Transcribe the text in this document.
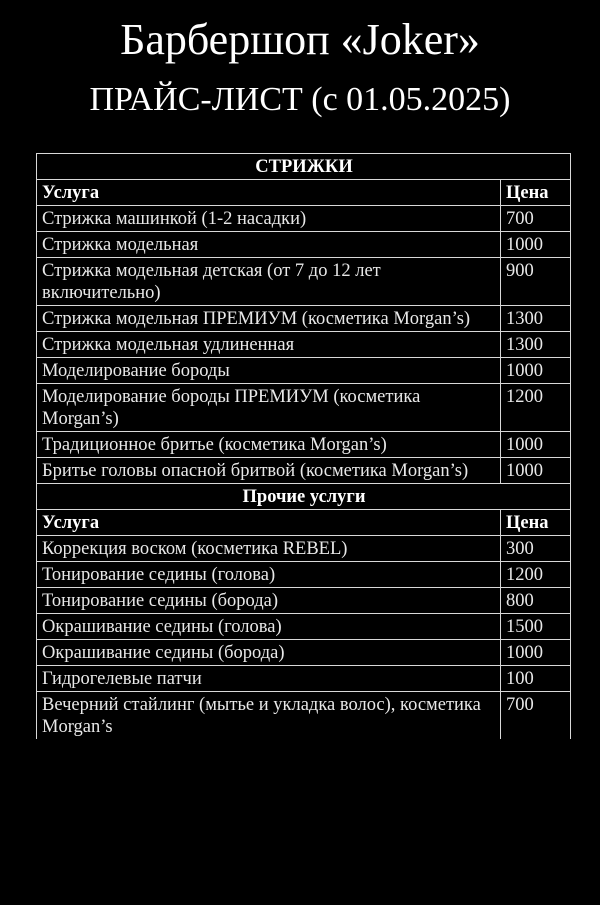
Барбершоп «Joker»
ПРАЙС-ЛИСТ (с 01.05.2025)
СТРИЖКИ	
Услуга	Цена
Стрижка машинкой (1-2 насадки)	700
Стрижка модельная	1000
Стрижка модельная детская (от 7 до 12 лет включительно)	900
Стрижка модельная ПРЕМИУМ (косметика Morgan’s)	1300
Стрижка модельная удлиненная	1300
Моделирование бороды	1000
Моделирование бороды ПРЕМИУМ (косметика Morgan’s)	1200
Традиционное бритье (косметика Morgan’s)	1000
Бритье головы опасной бритвой (косметика Morgan’s)	1000
Прочие услуги	
Услуга	Цена
Коррекция воском (косметика REBEL)	300
Тонирование седины (голова)	1200
Тонирование седины (борода)	800
Окрашивание седины (голова)	1500
Окрашивание седины (борода)	1000
Гидрогелевые патчи	100
Вечерний стайлинг (мытье и укладка волос), косметика Morgan’s	700
